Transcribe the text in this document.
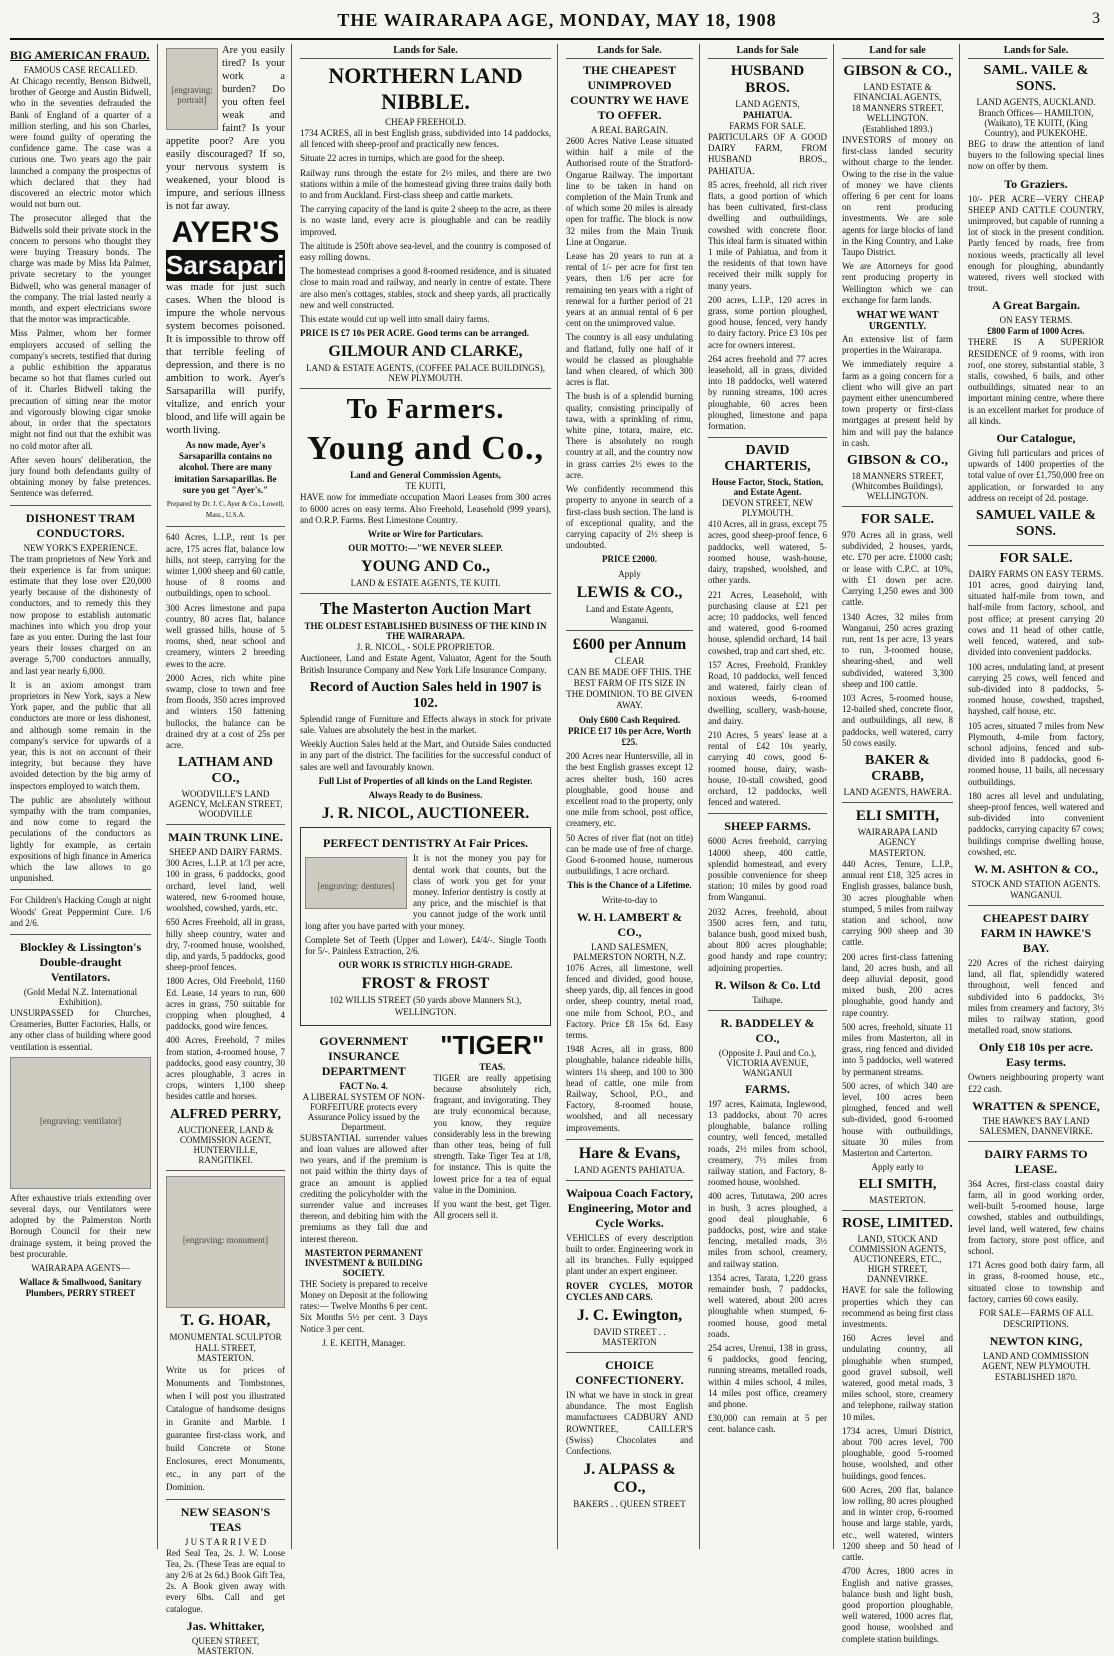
THE WAIRARAPA AGE, MONDAY, MAY 18, 1908	3
BIG AMERICAN FRAUD.
FAMOUS CASE RECALLED.

At Chicago recently, Benson Bidwell, brother of George and Austin Bidwell, who in the seventies defrauded the Bank of England of a quarter of a million sterling, and his son Charles, were found guilty of operating the confidence game. The case was a curious one. Two years ago the pair launched a company the prospectus of which declared that they had discovered an electric motor which would not burn out.

The prosecutor alleged that the Bidwells sold their private stock in the concern to persons who thought they were buying Treasury bonds. The charge was made by Miss Ida Palmer, private secretary to the younger Bidwell, who was general manager of the company. The trial lasted nearly a month, and expert electricians swore that the motor was impracticable.

Miss Palmer, whom her former employers accused of selling the company's secrets, testified that during a public exhibition the apparatus became so hot that flames curled out of it. Charles Bidwell taking the precaution of sitting near the motor and vigorously blowing cigar smoke about, in order that the spectators might not find out that the exhibit was no cold motor after all.

After seven hours' deliberation, the jury found both defendants guilty of obtaining money by false pretences. Sentence was deferred.

DISHONEST TRAM CONDUCTORS.
NEW YORK'S EXPERIENCE.

The tram proprietors of New York and their experience is far from unique: estimate that they lose over £20,000 yearly because of the dishonesty of conductors, and to remedy this they now propose to establish automatic machines into which you drop your fare as you enter. During the last four years their losses charged on an average 5,700 conductors annually, and last year nearly 6,000.

It is an axiom amongst tram proprietors in New York, says a New York paper, and the public that all conductors are more or less dishonest, and although some remain in the company's service for upwards of a year, this is not on account of their integrity, but because they have avoided detection by the big army of inspectors employed to watch them.

The public are absolutely without sympathy with the tram companies, and now come to regard the peculations of the conductors as lightly for example, as certain expositions of high finance in America which the law allows to go unpunished.

For Children's Hacking Cough at night Woods' Great Peppermint Cure. 1/6 and 2/6.

Blockley & Lissington's Double-draught Ventilators.
(Gold Medal N.Z. International Exhibition).

UNSURPASSED for Churches, Creameries, Butter Factories, Halls, or any other class of building where good ventilation is essential.

[engraving: ventilator]

After exhaustive trials extending over several days, our Ventilators were adopted by the Palmerston North Borough Council for their new drainage system, it being proved the best procurable.

WAIRARAPA AGENTS—

Wallace & Smallwood, Sanitary Plumbers, PERRY STREET

[engraving: portrait]

Are you easily tired? Is your work a burden? Do you often feel weak and faint? Is your appetite poor? Are you easily discouraged? If so, your nervous system is weakened, your blood is impure, and serious illness is not far away.

AYER'S
Sarsaparilla

was made for just such cases. When the blood is impure the whole nervous system becomes poisoned. It is impossible to throw off that terrible feeling of depression, and there is no ambition to work. Ayer's Sarsaparilla will purify, vitalize, and enrich your blood, and life will again be worth living.

As now made, Ayer's Sarsaparilla contains no alcohol. There are many imitation Sarsaparillas. Be sure you get "Ayer's."

Prepared by Dr. J. C. Ayer & Co., Lowell, Mass., U.S.A.

640 Acres, L.I.P., rent 1s per acre, 175 acres flat, balance low hills, not steep, carrying for the winter 1,000 sheep and 60 cattle, house of 8 rooms and outbuildings, open to school.

300 Acres limestone and papa country, 80 acres flat, balance well grassed hills, house of 5 rooms, shed, near school and creamery, winters 2 breeding ewes to the acre.

2000 Acres, rich white pine swamp, close to town and free from floods, 350 acres improved and winters 150 fattening bullocks, the balance can be drained dry at a cost of 25s per acre.

LATHAM AND CO.,
WOODVILLE'S LAND AGENCY, McLEAN STREET, WOODVILLE
MAIN TRUNK LINE.
SHEEP AND DAIRY FARMS.

300 Acres, L.I.P. at 1/3 per acre, 100 in grass, 6 paddocks, good orchard, level land, well watered, new 6-roomed house, woolshed, cowshed, yards, etc.

650 Acres Freehold, all in grass, hilly sheep country, water and dry, 7-roomed house, woolshed, dip, and yards, 5 paddocks, good sheep-proof fences.

1800 Acres, Old Freehold, 1160 Ed. Lease, 14 years to run, 600 acres in grass, 750 suitable for cropping when ploughed, 4 paddocks, good wire fences.

400 Acres, Freehold, 7 miles from station, 4-roomed house, 7 paddocks, good easy country, 30 acres ploughable, 3 acres in crops, winters 1,100 sheep besides cattle and horses.

ALFRED PERRY,
AUCTIONEER, LAND & COMMISSION AGENT, HUNTERVILLE, RANGITIKEI.
[engraving: monument]
T. G. HOAR,
MONUMENTAL SCULPTOR
HALL STREET, MASTERTON.

Write us for prices of Monuments and Tombstones, when I will post you illustrated Catalogue of handsome designs in Granite and Marble. I guarantee first-class work, and build Concrete or Stone Enclosures, erect Monuments, etc., in any part of the Dominion.

NEW SEASON'S TEAS
J U S T A R R I V E D

Red Seal Tea, 2s. J. W. Loose Tea, 2s. (These Teas are equal to any 2/6 at 2s 6d.) Book Gift Tea, 2s. A Book given away with every 6lbs. Call and get catalogue.

Jas. Whittaker,
QUEEN STREET, MASTERTON.
Lands for Sale.
NORTHERN LAND NIBBLE.
CHEAP FREEHOLD.

1734 ACRES, all in best English grass, subdivided into 14 paddocks, all fenced with sheep-proof and practically new fences.

Situate 22 acres in turnips, which are good for the sheep.

Railway runs through the estate for 2½ miles, and there are two stations within a mile of the homestead giving three trains daily both to and from Auckland. First-class sheep and cattle markets.

The carrying capacity of the land is quite 2 sheep to the acre, as there is no waste land, every acre is ploughable and can be readily improved.

The altitude is 250ft above sea-level, and the country is composed of easy rolling downs.

The homestead comprises a good 8-roomed residence, and is situated close to main road and railway, and nearly in centre of estate. There are also men's cottages, stables, stock and sheep yards, all practically new and well constructed.

This estate would cut up well into small dairy farms.

PRICE IS £7 10s PER ACRE. Good terms can be arranged.

GILMOUR AND CLARKE,
LAND & ESTATE AGENTS, (COFFEE PALACE BUILDINGS), NEW PLYMOUTH.
To Farmers.
Young and Co.,
Land and General Commission Agents,
TE KUITI,

HAVE now for immediate occupation Maori Leases from 300 acres to 6000 acres on easy terms. Also Freehold, Leasehold (999 years), and O.R.P. Farms. Best Limestone Country.

Write or Wire for Particulars.

OUR MOTTO:—"WE NEVER SLEEP.

YOUNG AND Co.,
LAND & ESTATE AGENTS, TE KUITI.
The Masterton Auction Mart
THE OLDEST ESTABLISHED BUSINESS OF THE KIND IN THE WAIRARAPA.
J. R. NICOL, - SOLE PROPRIETOR.

Auctioneer, Land and Estate Agent, Valuator, Agent for the South British Insurance Company and New York Life Insurance Company.

Record of Auction Sales held in 1907 is 102.

Splendid range of Furniture and Effects always in stock for private sale. Values are absolutely the best in the market.

Weekly Auction Sales held at the Mart, and Outside Sales conducted in any part of the district. The facilities for the successful conduct of sales are well and favourably known.

Full List of Properties of all kinds on the Land Register.

Always Ready to do Business.

J. R. NICOL, AUCTIONEER.
PERFECT DENTISTRY At Fair Prices.
[engraving: dentures]

It is not the money you pay for dental work that counts, but the class of work you get for your money. Inferior dentistry is costly at any price, and the mischief is that you cannot judge of the work until long after you have parted with your money.

Complete Set of Teeth (Upper and Lower), £4/4/-. Single Tooth for 5/-. Painless Extraction, 2/6.

OUR WORK IS STRICTLY HIGH-GRADE.

FROST & FROST

102 WILLIS STREET (50 yards above Manners St.), WELLINGTON.

GOVERNMENT INSURANCE DEPARTMENT
FACT No. 4.
A LIBERAL SYSTEM OF NON-FORFEITURE protects every Assurance Policy issued by the Department.

SUBSTANTIAL surrender values and loan values are allowed after two years, and if the premium is not paid within the thirty days of grace an amount is applied crediting the policyholder with the surrender value and increases thereon, and debiting him with the premiums as they fall due and interest thereon.

MASTERTON PERMANENT INVESTMENT & BUILDING SOCIETY.

THE Society is prepared to receive Money on Deposit at the following rates:— Twelve Months 6 per cent. Six Months 5½ per cent. 3 Days Notice 3 per cent.

J. E. KEITH, Manager.
"TIGER"
TEAS.

TIGER are really appetising because absolutely rich, fragrant, and invigorating. They are truly economical because, you know, they require considerably less in the brewing than other teas, being of full strength. Take Tiger Tea at 1/8, for instance. This is quite the lowest price for a tea of equal value in the Dominion.

If you want the best, get Tiger. All grocers sell it.

Lands for Sale.
THE CHEAPEST UNIMPROVED COUNTRY WE HAVE TO OFFER.
A REAL BARGAIN.

2600 Acres Native Lease situated within half a mile of the Authorised route of the Stratford-Ongarue Railway. The important line to be taken in hand on completion of the Main Trunk and of which some 20 miles is already open for traffic. The block is now 32 miles from the Main Trunk Line at Ongarue.

Lease has 20 years to run at a rental of 1/- per acre for first ten years, then 1/6 per acre for remaining ten years with a right of renewal for a further period of 21 years at an annual rental of 6 per cent on the unimproved value.

The country is all easy undulating and flatland, fully one half of it would be classed as ploughable land when cleared, of which 300 acres is flat.

The bush is of a splendid burning quality, consisting principally of tawa, with a sprinkling of rimu, white pine, totara, maire, etc. There is absolutely no rough country at all, and the country now in grass carries 2½ ewes to the acre.

We confidently recommend this property to anyone in search of a first-class bush section. The land is of exceptional quality, and the carrying capacity of 2½ sheep is undoubted.

PRICE £2000.

Apply

LEWIS & CO.,
Land and Estate Agents,
Wanganui.
£600 per Annum
CLEAR

CAN BE MADE OFF THIS. THE BEST FARM OF ITS SIZE IN THE DOMINION. TO BE GIVEN AWAY.

Only £600 Cash Required. PRICE £17 10s per Acre, Worth £25.

200 Acres near Huntersville, all in the best English grasses except 12 acres shelter bush, 160 acres ploughable, good house and excellent road to the property, only one mile from school, post office, creamery, etc.

50 Acres of river flat (not on title) can be made use of free of charge. Good 6-roomed house, numerous outbuildings, 1 acre orchard.

This is the Chance of a Lifetime.

Write-to-day to

W. H. LAMBERT & CO.,
LAND SALESMEN, PALMERSTON NORTH, N.Z.

1076 Acres, all limestone, well fenced and divided, good house, sheep yards, dip, all fences in good order, sheep country, metal road, one mile from School, P.O., and Factory. Price £8 15s 6d. Easy terms.

1948 Acres, all in grass, 800 ploughable, balance rideable hills, winters 1¼ sheep, and 100 to 300 head of cattle, one mile from Railway, School, P.O., and Factory, 8-roomed house, woolshed, and all necessary improvements.

Hare & Evans,
LAND AGENTS PAHIATUA.
Waipoua Coach Factory, Engineering, Motor and Cycle Works.

VEHICLES of every description built to order. Engineering work in all its branches. Fully equipped plant under an expert engineer.

ROVER CYCLES, MOTOR CYCLES AND CARS.

J. C. Ewington,
DAVID STREET . . MASTERTON
CHOICE CONFECTIONERY.

IN what we have in stock in great abundance. The most English manufacturers CADBURY AND ROWNTREE, CAILLER'S (Swiss) Chocolates and Confections.

J. ALPASS & CO.,
BAKERS . . QUEEN STREET
Lands for Sale
HUSBAND BROS.
LAND AGENTS,
PAHIATUA.
FARMS FOR SALE.

PARTICULARS OF A GOOD DAIRY FARM, FROM HUSBAND BROS., PAHIATUA.

85 acres, freehold, all rich river flats, a good portion of which has been cultivated, first-class dwelling and outbuildings, cowshed with concrete floor. This ideal farm is situated within 1 mile of Pahiatua, and from it the residents of that town have received their milk supply for many years.

200 acres, L.I.P., 120 acres in grass, some portion ploughed, good house, fenced, very handy to dairy factory. Price £3 10s per acre for owners interest.

264 acres freehold and 77 acres leasehold, all in grass, divided into 18 paddocks, well watered by running streams, 100 acres ploughable, 60 acres been ploughed, limestone and papa formation.

DAVID CHARTERIS,
House Factor, Stock, Station, and Estate Agent.
DEVON STREET, NEW PLYMOUTH.

410 Acres, all in grass, except 75 acres, good sheep-proof fence, 6 paddocks, well watered, 5-roomed house, wash-house, dairy, trapshed, woolshed, and other yards.

221 Acres, Leasehold, with purchasing clause at £21 per acre; 10 paddocks, well fenced and watered, good 6-roomed house, splendid orchard, 14 bail cowshed, trap and cart shed, etc.

157 Acres, Freehold, Frankley Road, 10 paddocks, well fenced and watered, fairly clean of noxious weeds, 6-roomed dwelling, scullery, wash-house, and dairy.

210 Acres, 5 years' lease at a rental of £42 10s yearly, carrying 40 cows, good 6-roomed house, dairy, wash-house, 10-stall cowshed, good orchard, 12 paddocks, well fenced and watered.

SHEEP FARMS.

6000 Acres freehold, carrying 14000 sheep, 400 cattle, splendid homestead, and every possible convenience for sheep station; 10 miles by good road from Wanganui.

2032 Acres, freehold, about 3500 acres fern, and tutu, balance bush, good mixed bush, about 800 acres ploughable; good handy and rape country; adjoining properties.

R. Wilson & Co. Ltd
Taihape.
R. BADDELEY & CO.,
(Opposite J. Paul and Co.), VICTORIA AVENUE, WANGANUI
FARMS.

197 acres, Kaimata, Inglewood, 13 paddocks, about 70 acres ploughable, balance rolling country, well fenced, metalled roads, 2½ miles from school, creamery, 7½ miles from railway station, and Factory, 8-roomed house, woolshed.

400 acres, Tututawa, 200 acres in bush, 3 acres ploughed, a good deal ploughable, 6 paddocks, post, wire and stake fencing, metalled roads, 3½ miles from school, creamery, and railway station.

1354 acres, Tarata, 1,220 grass remainder bush, 7 paddocks, well watered, about 200 acres ploughable when stumped, 6-roomed house, good metal roads.

254 acres, Urenui, 138 in grass, 6 paddocks, good fencing, running streams, metalled roads, within 4 miles school, 4 miles, 14 miles post office, creamery and phone.

£30,000 can remain at 5 per cent. balance cash.

Land for sale
GIBSON & CO.,
LAND ESTATE & FINANCIAL AGENTS,
18 MANNERS STREET, WELLINGTON.
(Established 1893.)

INVESTORS of money on first-class landed security without charge to the lender. Owing to the rise in the value of money we have clients offering 6 per cent for loans on rent producing investments. We are sole agents for large blocks of land in the King Country, and Lake Taupo District.

We are Attorneys for good rent producing property in Wellington which we can exchange for farm lands.

WHAT WE WANT URGENTLY.

An extensive list of farm properties in the Wairarapa.

We immediately require a farm as a going concern for a client who will give an part payment either unencumbered town property or first-class mortgages at present held by him and will pay the balance in cash.

GIBSON & CO.,
18 MANNERS STREET, (Whitcombes Buildings), WELLINGTON.
FOR SALE.

970 Acres all in grass, well subdivided, 2 houses, yards, etc. £70 per acre. £1000 cash; or lease with C.P.C. at 10%, with £1 down per acre. Carrying 1,250 ewes and 300 cattle.

1340 Acres, 32 miles from Wanganui, 250 acres grazing run, rent 1s per acre, 13 years to run, 3-roomed house, shearing-shed, and well subdivided, watered 3,300 sheep and 100 cattle.

103 Acres, 5-roomed house, 12-bailed shed, concrete floor, and outbuildings, all new, 8 paddocks, well watered, carry 50 cows easily.

BAKER & CRABB,
LAND AGENTS, HAWERA.
ELI SMITH,
WAIRARAPA LAND AGENCY
MASTERTON.

440 Acres, Tenure, L.I.P., annual rent £18, 325 acres in English grasses, balance bush, 30 acres ploughable when stumped, 5 miles from railway station and school, now carrying 900 sheep and 30 cattle.

200 acres first-class fattening land, 20 acres bush, and all deep alluvial deposit, good mixed bush, 200 acres ploughable, good handy and rape country.

500 acres, freehold, situate 11 miles from Masterton, all in grass, ring fenced and divided into 5 paddocks, well watered by permanent streams.

500 acres, of which 340 are level, 100 acres been ploughed, fenced and well sub-divided, good 6-roomed house with outbuildings, situate 30 miles from Masterton and Carterton.

Apply early to

ELI SMITH,
MASTERTON.
ROSE, LIMITED.
LAND, STOCK AND COMMISSION AGENTS, AUCTIONEERS, ETC., HIGH STREET, DANNEVIRKE.

HAVE for sale the following properties which they can recommend as being first class investments.

160 Acres level and undulating country, all ploughable when stumped, good gravel subsoil, well watered, good metal roads, 3 miles school, store, creamery and telephone, railway station 10 miles.

1734 acres, Umuri District, about 700 acres level, 700 ploughable, good 5-roomed house, woolshed, and other buildings, good fences.

600 Acres, 200 flat, balance low rolling, 80 acres ploughed and in winter crop, 6-roomed house and large stable, yards, etc., well watered, winters 1200 sheep and 50 head of cattle.

4700 Acres, 1800 acres in English and native grasses, balance bush and light bush, good proportion ploughable, well watered, 1000 acres flat, good house, woolshed and complete station buildings.

Lands for Sale.
SAML. VAILE & SONS.
LAND AGENTS, AUCKLAND.
Branch Offices— HAMILTON, (Waikato), TE KUITI, (King Country), and PUKEKOHE.

BEG to draw the attention of land buyers to the following special lines now on offer by them.

To Graziers.

10/- PER ACRE—VERY CHEAP SHEEP AND CATTLE COUNTRY, unimproved, but capable of running a lot of stock in the present condition. Partly fenced by roads, free from noxious weeds, practically all level enough for ploughing, abundantly watered, rivers well stocked with trout.

A Great Bargain.
ON EASY TERMS.
£800 Farm of 1000 Acres.

THERE IS A SUPERIOR RESIDENCE of 9 rooms, with iron roof, one storey, substantial stable, 3 stalls, cowshed, 6 bails, and other outbuildings, situated near to an important mining centre, where there is an excellent market for produce of all kinds.

Our Catalogue,

Giving full particulars and prices of upwards of 1400 properties of the total value of over £1,750,000 free on application, or forwarded to any address on receipt of 2d. postage.

SAMUEL VAILE & SONS.
FOR SALE.
DAIRY FARMS ON EASY TERMS.

101 acres, good dairying land, situated half-mile from town, and half-mile from factory, school, and post office; at present carrying 20 cows and 11 head of other cattle, well fenced, watered, and sub-divided into convenient paddocks.

100 acres, undulating land, at present carrying 25 cows, well fenced and sub-divided into 8 paddocks, 5-roomed house, cowshed, trapshed, hayshed, calf house, etc.

105 acres, situated 7 miles from New Plymouth, 4-mile from factory, school adjoins, fenced and sub-divided into 8 paddocks, good 6-roomed house, 11 bails, all necessary outbuildings.

180 acres all level and undulating, sheep-proof fences, well watered and sub-divided into convenient paddocks, carrying capacity 67 cows; buildings comprise dwelling house, cowshed, etc.

W. M. ASHTON & CO.,
STOCK AND STATION AGENTS.
WANGANUI.
CHEAPEST DAIRY FARM IN HAWKE'S BAY.

220 Acres of the richest dairying land, all flat, splendidly watered throughout, well fenced and subdivided into 6 paddocks, 3½ miles from creamery and factory, 3½ miles to railway station, good metalled road, snow stations.

Only £18 10s per acre. Easy terms.

Owners neighbouring property want £22 cash.

WRATTEN & SPENCE,
THE HAWKE'S BAY LAND SALESMEN, DANNEVIRKE.
DAIRY FARMS TO LEASE.

364 Acres, first-class coastal dairy farm, all in good working order, well-built 5-roomed house, large cowshed, stables and outbuildings, level land, well watered, few chains from factory, store post office, and school.

171 Acres good both dairy farm, all in grass, 8-roomed house, etc., situated close to township and factory, carries 60 cows easily.

FOR SALE—FARMS OF ALL DESCRIPTIONS.

NEWTON KING,
LAND AND COMMISSION AGENT, NEW PLYMOUTH.
ESTABLISHED 1870.
